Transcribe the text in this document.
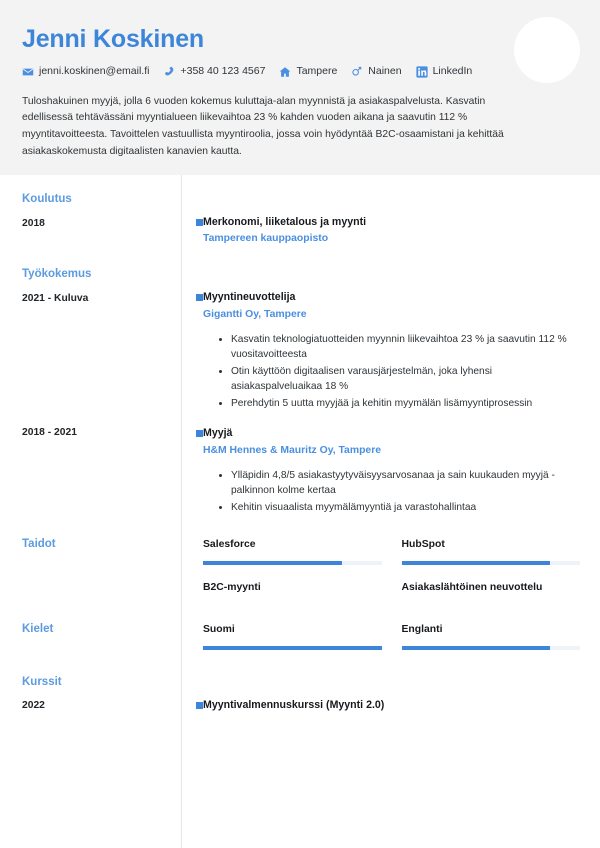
Jenni Koskinen
jenni.koskinen@email.fi	+358 40 123 4567	Tampere	Nainen	LinkedIn

Tuloshakuinen myyjä, jolla 6 vuoden kokemus kuluttaja-alan myynnistä ja asiakaspalvelusta. Kasvatin edellisessä tehtävässäni myyntialueen liikevaihtoa 23 % kahden vuoden aikana ja saavutin 112 % myyntitavoitteesta. Tavoittelen vastuullista myyntiroolia, jossa voin hyödyntää B2C-osaamistani ja kehittää asiakaskokemusta digitaalisten kanavien kautta.

Koulutus

2018	Merkonomi, liiketalous ja myynti

Tampereen kauppaopisto

Työkokemus

2021 - Kuluva	Myyntineuvottelija

Gigantti Oy, Tampere

Kasvatin teknologiatuotteiden myynnin liikevaihtoa 23 % ja saavutin 112 % vuositavoitteesta
Otin käyttöön digitaalisen varausjärjestelmän, joka lyhensi asiakaspalveluaikaa 18 %
Perehdytin 5 uutta myyjää ja kehitin myymälän lisämyyntiprosessin

2018 - 2021	Myyjä

H&M Hennes & Mauritz Oy, Tampere

Ylläpidin 4,8/5 asiakastyytyväisyysarvosanaa ja sain kuukauden myyjä -palkinnon kolme kertaa
Kehitin visuaalista myymälämyyntiä ja varastohallintaa

Taidot	Salesforce	HubSpot

B2C-myynti	Asiakaslähtöinen neuvottelu

Kielet	Suomi	Englanti

Kurssit

2022	Myyntivalmennuskurssi (Myynti 2.0)
